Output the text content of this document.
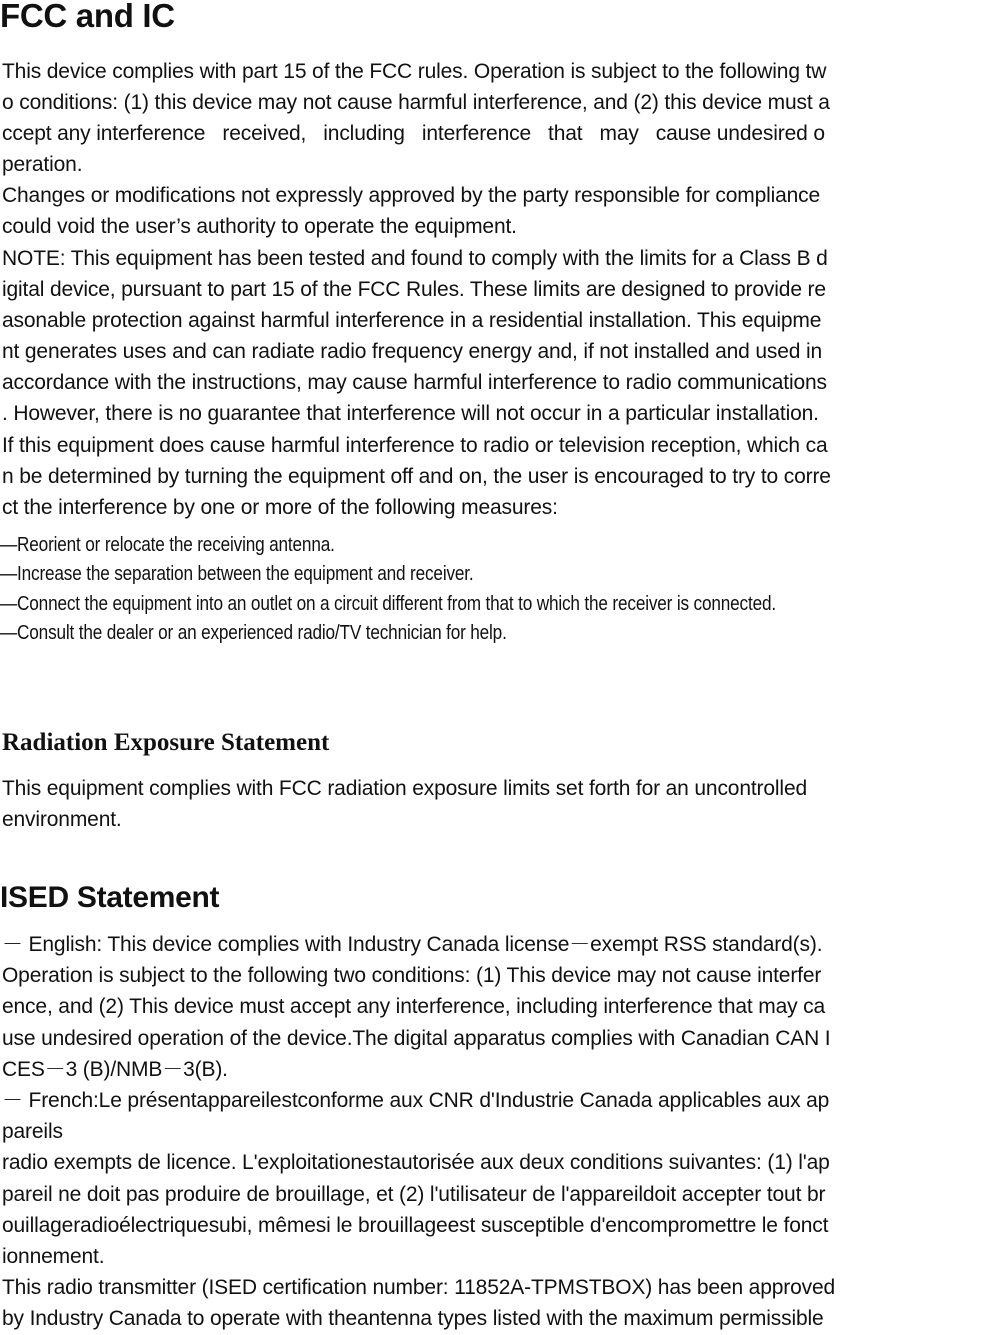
FCC and IC
This device complies with part 15 of the FCC rules. Operation is subject to the following tw
o conditions: (1) this device may not cause harmful interference, and (2) this device must a
ccept any interference   received,   including   interference   that   may   cause undesired o
peration.
Changes or modifications not expressly approved by the party responsible for compliance
could void the user’s authority to operate the equipment.
NOTE: This equipment has been tested and found to comply with the limits for a Class B d
igital device, pursuant to part 15 of the FCC Rules. These limits are designed to provide re
asonable protection against harmful interference in a residential installation. This equipme
nt generates uses and can radiate radio frequency energy and, if not installed and used in
accordance with the instructions, may cause harmful interference to radio communications
. However, there is no guarantee that interference will not occur in a particular installation.
If this equipment does cause harmful interference to radio or television reception, which ca
n be determined by turning the equipment off and on, the user is encouraged to try to corre
ct the interference by one or more of the following measures:
—Reorient or relocate the receiving antenna.
—Increase the separation between the equipment and receiver.
—Connect the equipment into an outlet on a circuit different from that to which the receiver is connected.
—Consult the dealer or an experienced radio/TV technician for help.
Radiation Exposure Statement
This equipment complies with FCC radiation exposure limits set forth for an uncontrolled
environment.
ISED Statement
－ English: This device complies with Industry Canada license－exempt RSS standard(s).
Operation is subject to the following two conditions: (1) This device may not cause interfer
ence, and (2) This device must accept any interference, including interference that may ca
use undesired operation of the device.The digital apparatus complies with Canadian CAN I
CES－3 (B)/NMB－3(B).
－ French:Le présentappareilestconforme aux CNR d'Industrie Canada applicables aux ap
pareils
radio exempts de licence. L'exploitationestautorisée aux deux conditions suivantes: (1) l'ap
pareil ne doit pas produire de brouillage, et (2) l'utilisateur de l'appareildoit accepter tout br
ouillageradioélectriquesubi, mêmesi le brouillageest susceptible d'encompromettre le fonct
ionnement.
This radio transmitter (ISED certification number: 11852A-TPMSTBOX) has been approved
by Industry Canada to operate with theantenna types listed with the maximum permissible
